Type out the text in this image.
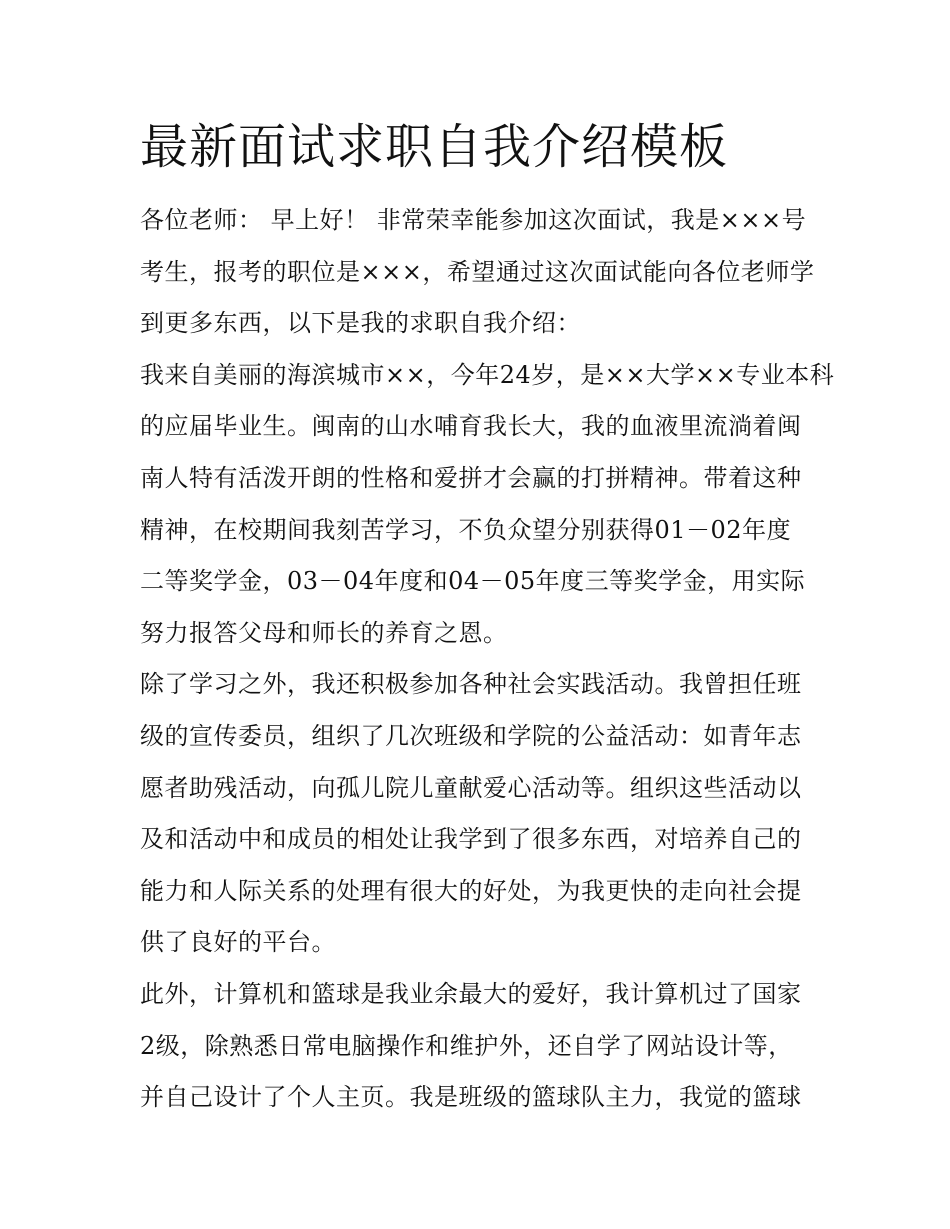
最新面试求职自我介绍模板
各位老师： 早上好！ 非常荣幸能参加这次面试，我是×××号
考生，报考的职位是×××，希望通过这次面试能向各位老师学
到更多东西，以下是我的求职自我介绍：
我来自美丽的海滨城市××，今年24岁，是××大学××专业本科
的应届毕业生。闽南的山水哺育我长大，我的血液里流淌着闽
南人特有活泼开朗的性格和爱拼才会赢的打拼精神。带着这种
精神，在校期间我刻苦学习，不负众望分别获得01－02年度
二等奖学金，03－04年度和04－05年度三等奖学金，用实际
努力报答父母和师长的养育之恩。
除了学习之外，我还积极参加各种社会实践活动。我曾担任班
级的宣传委员，组织了几次班级和学院的公益活动：如青年志
愿者助残活动，向孤儿院儿童献爱心活动等。组织这些活动以
及和活动中和成员的相处让我学到了很多东西，对培养自己的
能力和人际关系的处理有很大的好处，为我更快的走向社会提
供了良好的平台。
此外，计算机和篮球是我业余最大的爱好，我计算机过了国家
2级，除熟悉日常电脑操作和维护外，还自学了网站设计等，
并自己设计了个人主页。我是班级的篮球队主力，我觉的篮球
